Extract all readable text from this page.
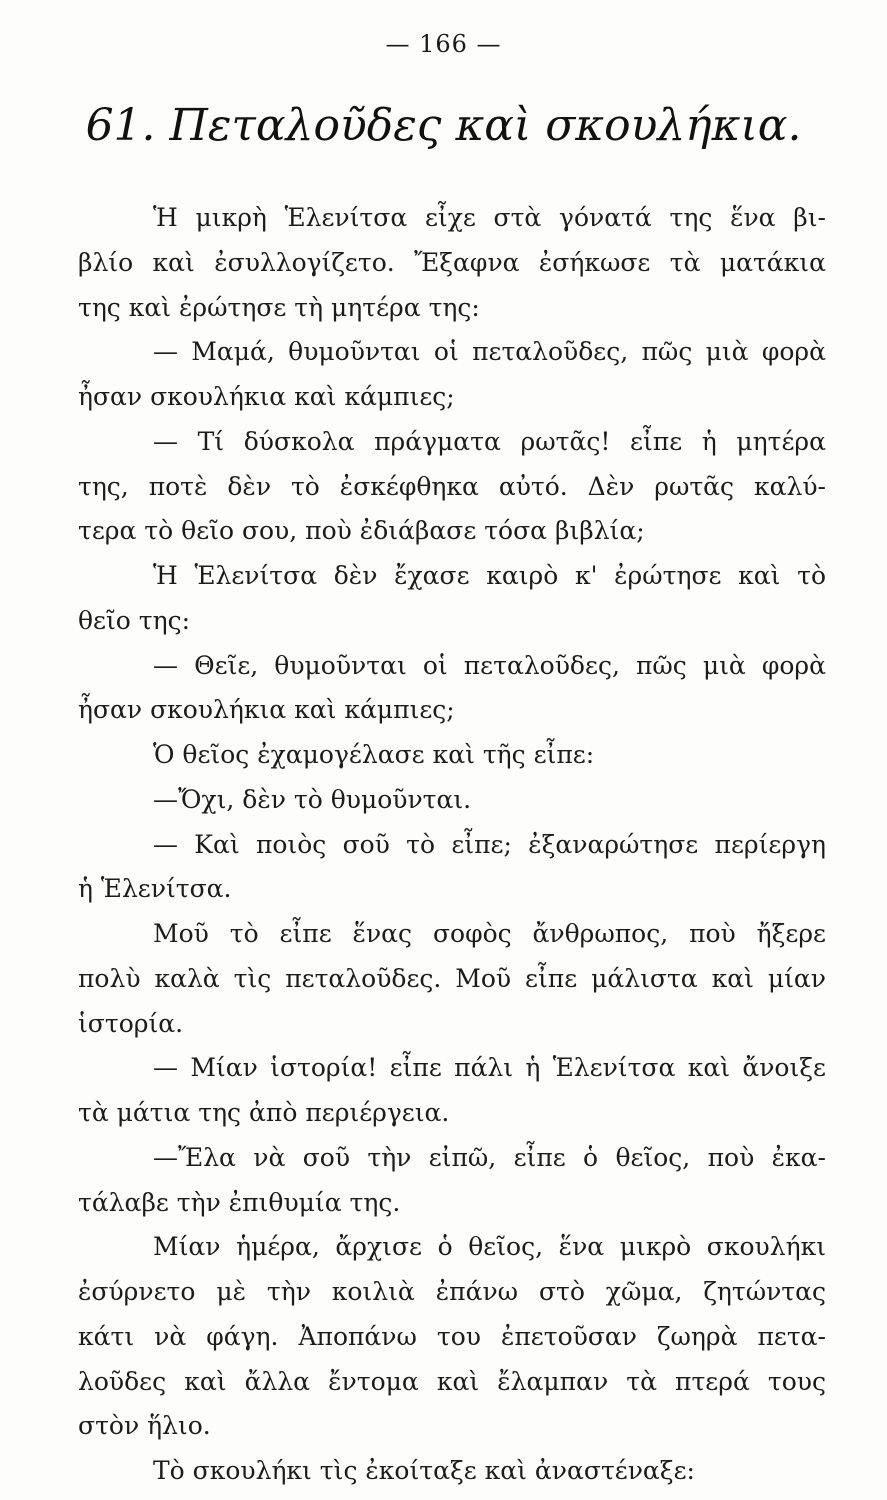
— 166 —
61. Πεταλοῦδες καὶ σκουλήκια.
Ἡ μικρὴ Ἑλενίτσα εἶχε στὰ γόνατά της ἕνα βι-
βλίο καὶ ἐσυλλογίζετο. Ἔξαφνα ἐσήκωσε τὰ ματάκια
της καὶ ἐρώτησε τὴ μητέρα της:
— Μαμά, θυμοῦνται οἱ πεταλοῦδες, πῶς μιὰ φορὰ
ἦσαν σκουλήκια καὶ κάμπιες;
— Τί δύσκολα πράγματα ρωτᾶς! εἶπε ἡ μητέρα
της, ποτὲ δὲν τὸ ἐσκέφθηκα αὐτό. Δὲν ρωτᾶς καλύ-
τερα τὸ θεῖο σου, ποὺ ἐδιάβασε τόσα βιβλία;
Ἡ Ἑλενίτσα δὲν ἔχασε καιρὸ κ' ἐρώτησε καὶ τὸ
θεῖο της:
— Θεῖε, θυμοῦνται οἱ πεταλοῦδες, πῶς μιὰ φορὰ
ἦσαν σκουλήκια καὶ κάμπιες;
Ὁ θεῖος ἐχαμογέλασε καὶ τῆς εἶπε:
—Ὄχι, δὲν τὸ θυμοῦνται.
— Καὶ ποιὸς σοῦ τὸ εἶπε; ἐξαναρώτησε περίεργη
ἡ Ἑλενίτσα.
Μοῦ τὸ εἶπε ἕνας σοφὸς ἄνθρωπος, ποὺ ἤξερε
πολὺ καλὰ τὶς πεταλοῦδες. Μοῦ εἶπε μάλιστα καὶ μίαν
ἱστορία.
— Μίαν ἱστορία! εἶπε πάλι ἡ Ἑλενίτσα καὶ ἄνοιξε
τὰ μάτια της ἀπὸ περιέργεια.
—Ἔλα νὰ σοῦ τὴν εἰπῶ, εἶπε ὁ θεῖος, ποὺ ἐκα-
τάλαβε τὴν ἐπιθυμία της.
Μίαν ἡμέρα, ἄρχισε ὁ θεῖος, ἕνα μικρὸ σκουλήκι
ἐσύρνετο μὲ τὴν κοιλιὰ ἐπάνω στὸ χῶμα, ζητώντας
κάτι νὰ φάγη. Ἀποπάνω του ἐπετοῦσαν ζωηρὰ πετα-
λοῦδες καὶ ἄλλα ἔντομα καὶ ἔλαμπαν τὰ πτερά τους
στὸν ἥλιο.
Τὸ σκουλήκι τὶς ἐκοίταξε καὶ ἀναστέναξε:
